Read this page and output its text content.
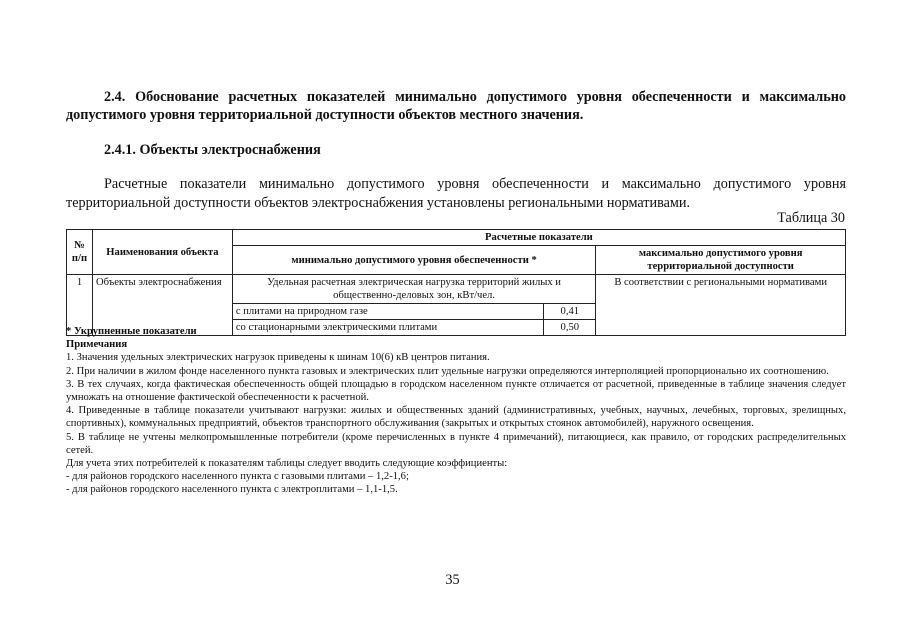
2.4. Обоснование расчетных показателей минимально допустимого уровня обеспеченности и максимально допустимого уровня территориальной доступности объектов местного значения.
2.4.1. Объекты электроснабжения
Расчетные показатели минимально допустимого уровня обеспеченности и максимально допустимого уровня территориальной доступности объектов электроснабжения установлены региональными нормативами.
Таблица 30
№ п/п	Наименования объекта	Расчетные показатели		
		минимально допустимого уровня обеспеченности *		максимально допустимого уровня территориальной доступности
1	Объекты электроснабжения	Удельная расчетная электрическая нагрузка территорий жилых и общественно-деловых зон, кВт/чел.		В соответствии с региональными нормативами
		с плитами на природном газе	0,41	
		со стационарными электрическими плитами	0,50	
* Укрупненные показатели
Примечания
1. Значения удельных электрических нагрузок приведены к шинам 10(6) кВ центров питания.
2. При наличии в жилом фонде населенного пункта газовых и электрических плит удельные нагрузки определяются интерполяцией пропорционально их соотношению.
3. В тех случаях, когда фактическая обеспеченность общей площадью в городском населенном пункте отличается от расчетной, приведенные в таблице значения следует умножать на отношение фактической обеспеченности к расчетной.
4. Приведенные в таблице показатели учитывают нагрузки: жилых и общественных зданий (административных, учебных, научных, лечебных, торговых, зрелищных, спортивных), коммунальных предприятий, объектов транспортного обслуживания (закрытых и открытых стоянок автомобилей), наружного освещения.
5. В таблице не учтены мелкопромышленные потребители (кроме перечисленных в пункте 4 примечаний), питающиеся, как правило, от городских распределительных сетей.
Для учета этих потребителей к показателям таблицы следует вводить следующие коэффициенты:
- для районов городского населенного пункта с газовыми плитами – 1,2-1,6;
- для районов городского населенного пункта с электроплитами – 1,1-1,5.
35
